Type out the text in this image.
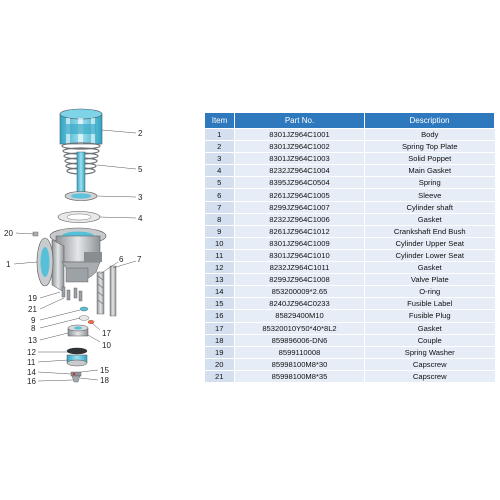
2
5
3
4
20
1
6 7
19
21
9
8
13
17
10
12
11
14	15
16	18
Item	Part No.	Description
1	8301JZ964C1001	Body
2	8301JZ964C1002	Spring Top Plate
3	8301JZ964C1003	Solid Poppet
4	8232JZ964C1004	Main Gasket
5	8395JZ964C0504	Spring
6	8261JZ964C1005	Sleeve
7	8299JZ964C1007	Cylinder shaft
8	8232JZ964C1006	Gasket
9	8261JZ964C1012	Crankshaft End Bush
10	8301JZ964C1009	Cylinder Upper Seat
11	8301JZ964C1010	Cylinder Lower Seat
12	8232JZ964C1011	Gasket
13	8299JZ964C1008	Valve Plate
14	853200009*2.65	O-ring
15	8240JZ964C0233	Fusible Label
16	85829400M10	Fusible Plug
17	85320010Y50*40*8L2	Gasket
18	859896006-DN6	Couple
19	8599110008	Spring Washer
20	85998100M8*30	Capscrew
21	85998100M8*35	Capscrew
